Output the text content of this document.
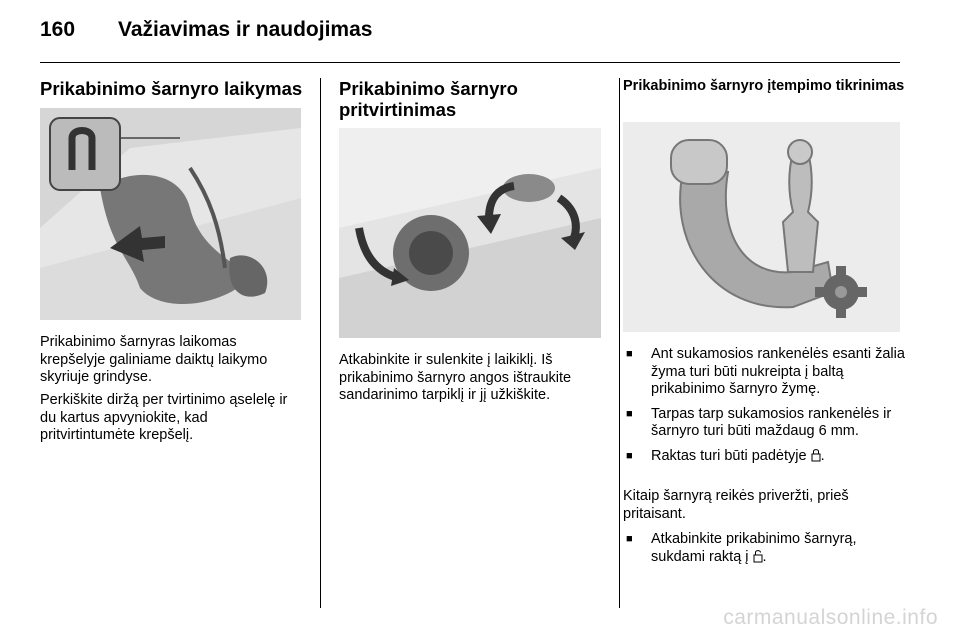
160	Važiavimas ir naudojimas
Prikabinimo šarnyro laikymas

Prikabinimo šarnyras laikomas krepšelyje galiniame daiktų laikymo skyriuje grindyse.

Perkiškite diržą per tvirtinimo ąselelę ir du kartus apvyniokite, kad pritvirtintumėte krepšelį.

Prikabinimo šarnyro pritvirtinimas

Atkabinkite ir sulenkite į laikiklį. Iš prikabinimo šarnyro angos ištraukite sandarinimo tarpiklį ir jį užkiškite.

Prikabinimo šarnyro įtempimo tikrinimas
■ Ant sukamosios rankenėlės esanti žalia žyma turi būti nukreipta į baltą prikabinimo šarnyro žymę.
■ Tarpas tarp sukamosios rankenėlės ir šarnyro turi būti maždaug 6 mm.
■ Raktas turi būti padėtyje .

Kitaip šarnyrą reikės priveržti, prieš pritaisant.

■ Atkabinkite prikabinimo šarnyrą, sukdami raktą į .
carmanualsonline.info
